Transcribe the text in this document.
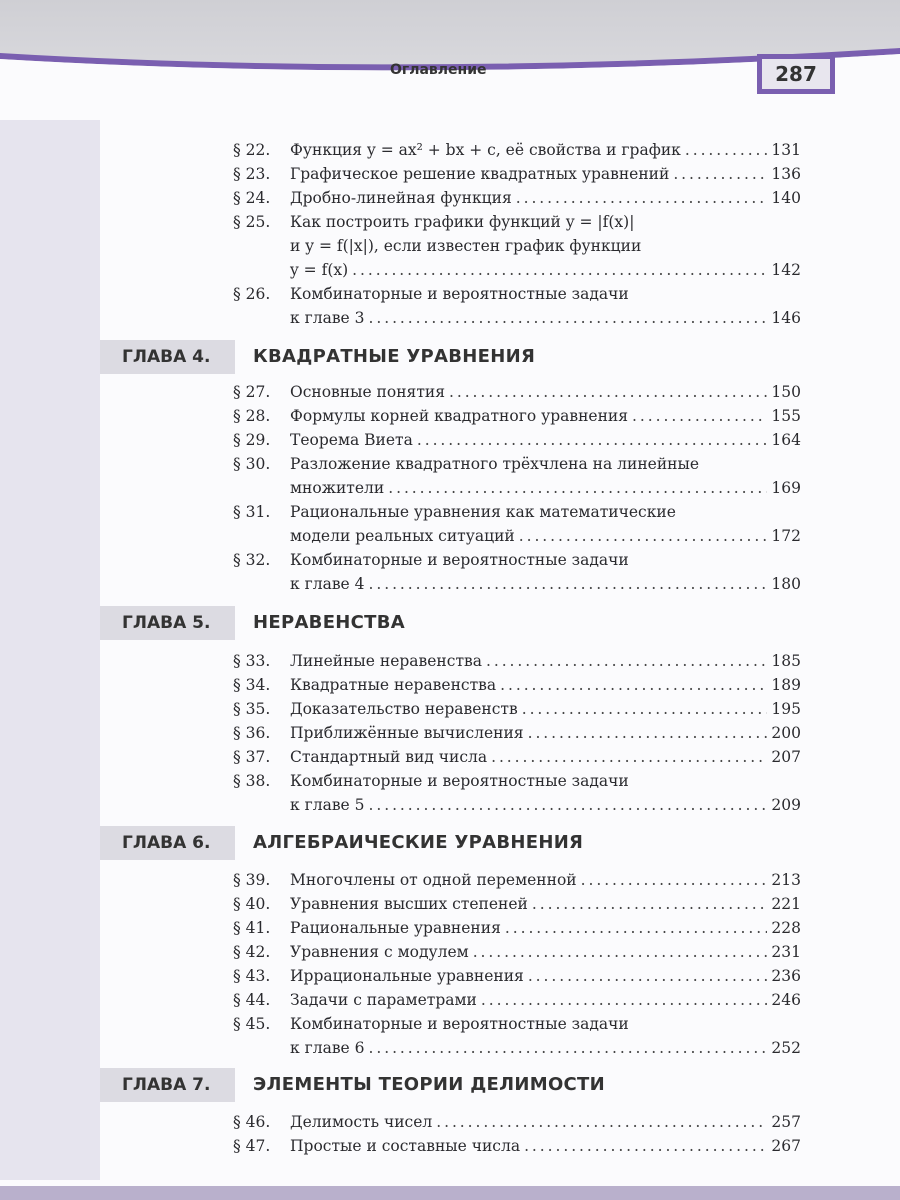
Оглавление	287
§ 22.	Функция y = ax² + bx + c, её свойства и график . . .	131
§ 23.	Графическое решение квадратных уравнений . . .	136
§ 24.	Дробно-линейная функция . . .	140
§ 25.	Как построить графики функций y = |f(x)|
и y = f(|x|), если известен график функции
y = f(x) . . .	142
§ 26.	Комбинаторные и вероятностные задачи
к главе 3 . . .	146
ГЛАВА 4.	КВАДРАТНЫЕ УРАВНЕНИЯ
§ 27.	Основные понятия . . .	150
§ 28.	Формулы корней квадратного уравнения . . .	155
§ 29.	Теорема Виета . . .	164
§ 30.	Разложение квадратного трёхчлена на линейные
множители . . .	169
§ 31.	Рациональные уравнения как математические
модели реальных ситуаций . . .	172
§ 32.	Комбинаторные и вероятностные задачи
к главе 4 . . .	180
ГЛАВА 5.	НЕРАВЕНСТВА
§ 33.	Линейные неравенства . . .	185
§ 34.	Квадратные неравенства . . .	189
§ 35.	Доказательство неравенств . . .	195
§ 36.	Приближённые вычисления . . .	200
§ 37.	Стандартный вид числа . . .	207
§ 38.	Комбинаторные и вероятностные задачи
к главе 5 . . .	209
ГЛАВА 6.	АЛГЕБРАИЧЕСКИЕ УРАВНЕНИЯ
§ 39.	Многочлены от одной переменной . . .	213
§ 40.	Уравнения высших степеней . . .	221
§ 41.	Рациональные уравнения . . .	228
§ 42.	Уравнения с модулем . . .	231
§ 43.	Иррациональные уравнения . . .	236
§ 44.	Задачи с параметрами . . .	246
§ 45.	Комбинаторные и вероятностные задачи
к главе 6 . . .	252
ГЛАВА 7.	ЭЛЕМЕНТЫ ТЕОРИИ ДЕЛИМОСТИ
§ 46.	Делимость чисел . . .	257
§ 47.	Простые и составные числа . . .	267
